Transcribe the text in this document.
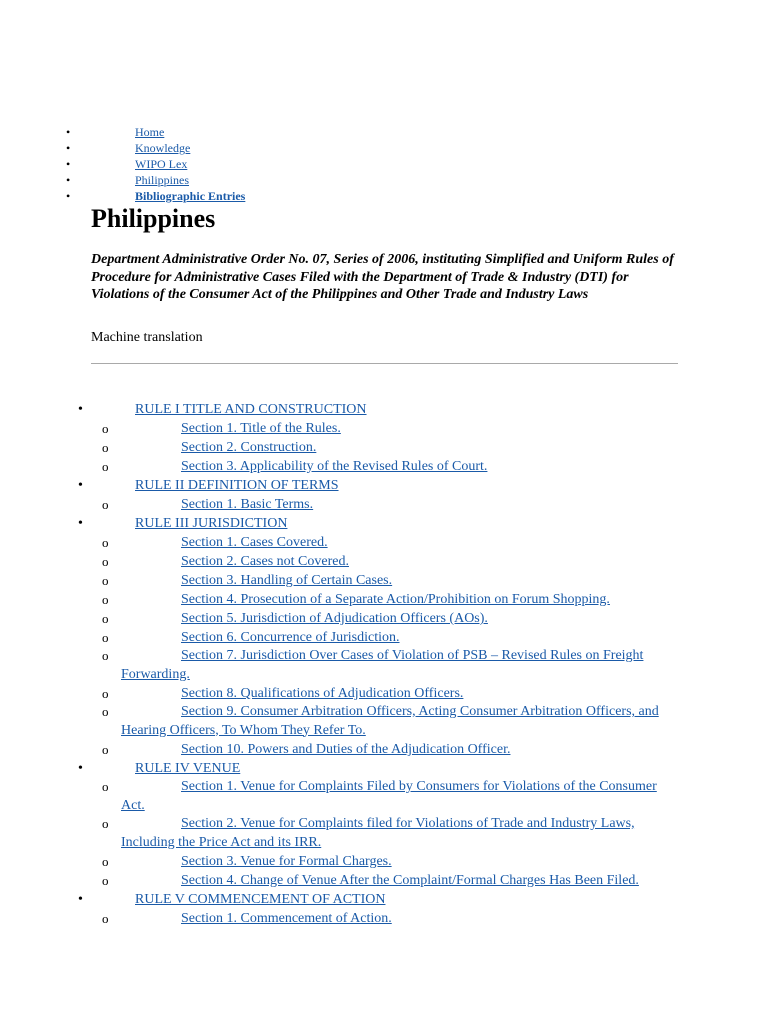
Home
Knowledge
WIPO Lex
Philippines
Bibliographic Entries
Philippines

Department Administrative Order No. 07, Series of 2006, instituting Simplified and Uniform Rules of Procedure for Administrative Cases Filed with the Department of Trade & Industry (DTI) for Violations of the Consumer Act of the Philippines and Other Trade and Industry Laws

Machine translation
• RULE I TITLE AND CONSTRUCTION
o Section 1. Title of the Rules.
o Section 2. Construction.
o Section 3. Applicability of the Revised Rules of Court.
• RULE II DEFINITION OF TERMS
o Section 1. Basic Terms.
• RULE III JURISDICTION
o Section 1. Cases Covered.
o Section 2. Cases not Covered.
o Section 3. Handling of Certain Cases.
o Section 4. Prosecution of a Separate Action/Prohibition on Forum Shopping.
o Section 5. Jurisdiction of Adjudication Officers (AOs).
o Section 6. Concurrence of Jurisdiction.
o Section 7. Jurisdiction Over Cases of Violation of PSB – Revised Rules on Freight Forwarding.
o Section 8. Qualifications of Adjudication Officers.
o Section 9. Consumer Arbitration Officers, Acting Consumer Arbitration Officers, and Hearing Officers, To Whom They Refer To.
o Section 10. Powers and Duties of the Adjudication Officer.
• RULE IV VENUE
o Section 1. Venue for Complaints Filed by Consumers for Violations of the Consumer Act.
o Section 2. Venue for Complaints filed for Violations of Trade and Industry Laws, Including the Price Act and its IRR.
o Section 3. Venue for Formal Charges.
o Section 4. Change of Venue After the Complaint/Formal Charges Has Been Filed.
• RULE V COMMENCEMENT OF ACTION
o Section 1. Commencement of Action.
